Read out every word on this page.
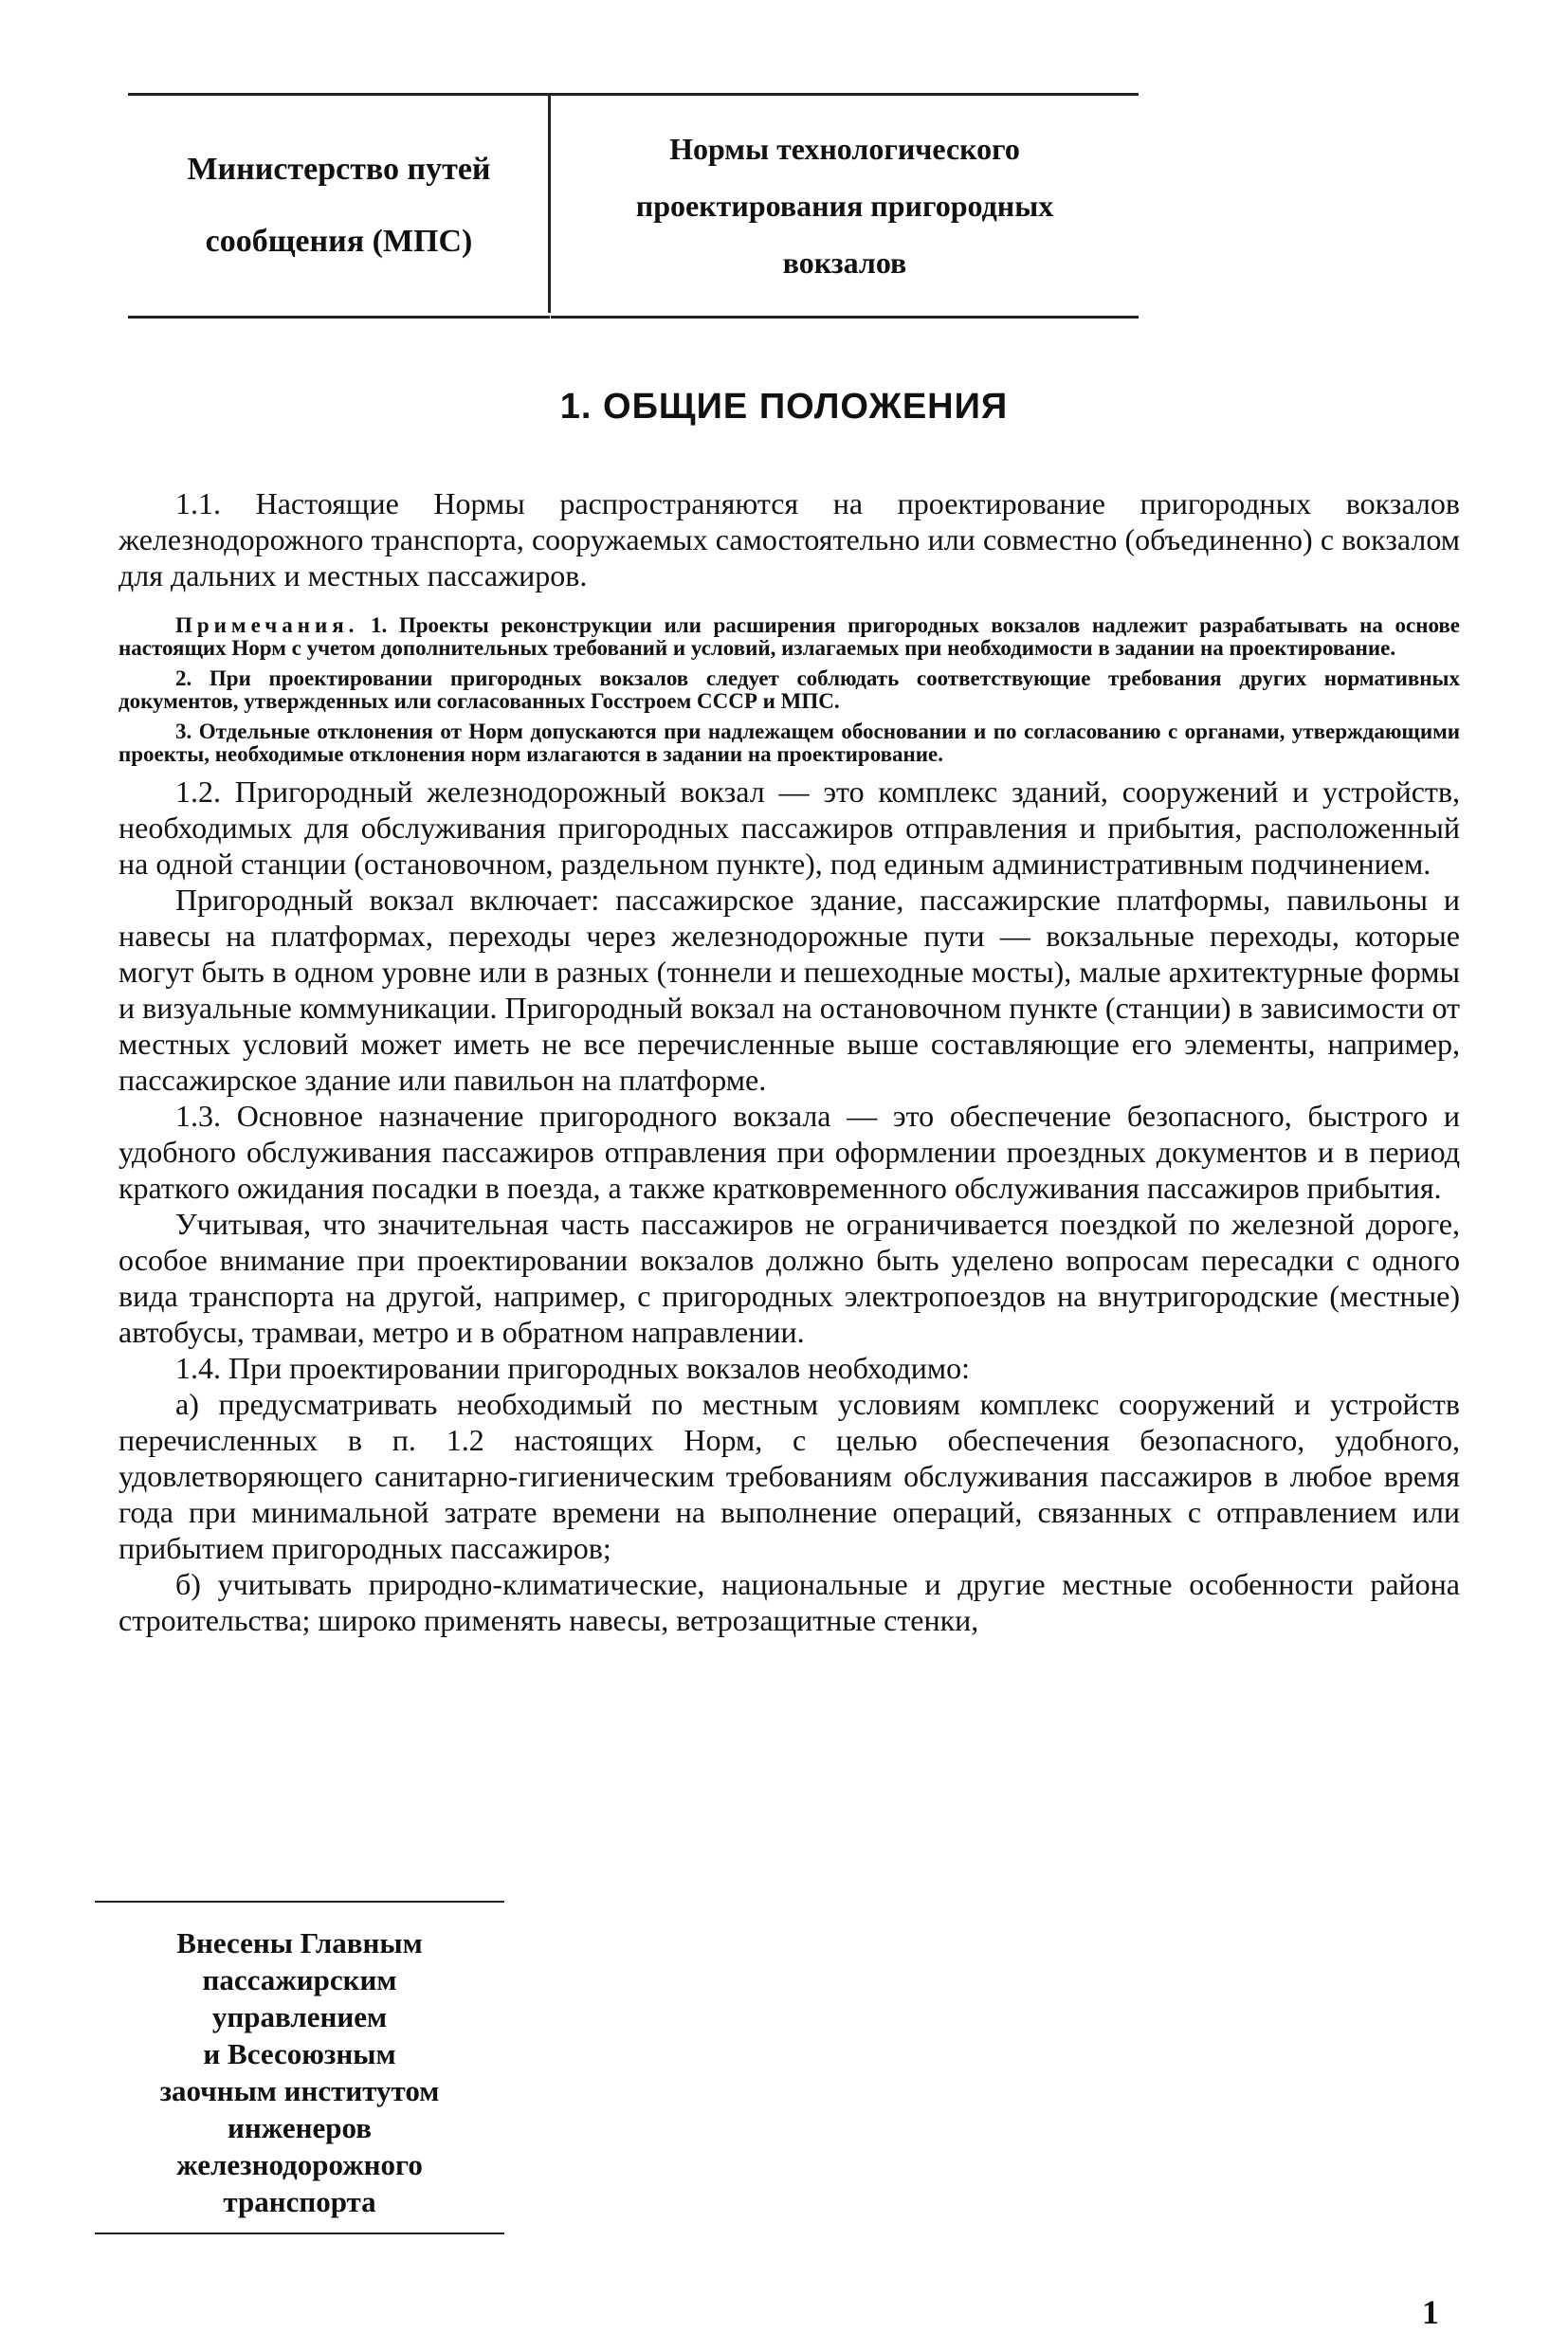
Министерство путей
сообщения (МПС)
Нормы технологического
проектирования пригородных
вокзалов
1. ОБЩИЕ ПОЛОЖЕНИЯ

1.1. Настоящие Нормы распространяются на проектирование пригородных вокзалов железнодорожного транспорта, сооружаемых самостоятельно или совместно (объединенно) с вокзалом для дальних и местных пассажиров.

Примечания. 1. Проекты реконструкции или расширения пригородных вокзалов надлежит разрабатывать на основе настоящих Норм с учетом дополнительных требований и условий, излагаемых при необходимости в задании на проектирование.

2. При проектировании пригородных вокзалов следует соблюдать соответствующие требования других нормативных документов, утвержденных или согласованных Госстроем СССР и МПС.

3. Отдельные отклонения от Норм допускаются при надлежащем обосновании и по согласованию с органами, утверждающими проекты, необходимые отклонения норм излагаются в задании на проектирование.

1.2. Пригородный железнодорожный вокзал — это комплекс зданий, сооружений и устройств, необходимых для обслуживания пригородных пассажиров отправления и прибытия, расположенный на одной станции (остановочном, раздельном пункте), под единым административным подчинением.

Пригородный вокзал включает: пассажирское здание, пассажирские платформы, павильоны и навесы на платформах, переходы через железнодорожные пути — вокзальные переходы, которые могут быть в одном уровне или в разных (тоннели и пешеходные мосты), малые архитектурные формы и визуальные коммуникации. Пригородный вокзал на остановочном пункте (станции) в зависимости от местных условий может иметь не все перечисленные выше составляющие его элементы, например, пассажирское здание или павильон на платформе.

1.3. Основное назначение пригородного вокзала — это обеспечение безопасного, быстрого и удобного обслуживания пассажиров отправления при оформлении проездных документов и в период краткого ожидания посадки в поезда, а также кратковременного обслуживания пассажиров прибытия.

Учитывая, что значительная часть пассажиров не ограничивается поездкой по железной дороге, особое внимание при проектировании вокзалов должно быть уделено вопросам пересадки с одного вида транспорта на другой, например, с пригородных электропоездов на внутригородские (местные) автобусы, трамваи, метро и в обратном направлении.

1.4. При проектировании пригородных вокзалов необходимо:

а) предусматривать необходимый по местным условиям комплекс сооружений и устройств перечисленных в п. 1.2 настоящих Норм, с целью обеспечения безопасного, удобного, удовлетворяющего санитарно-гигиеническим требованиям обслуживания пассажиров в любое время года при минимальной затрате времени на выполнение операций, связанных с отправлением или прибытием пригородных пассажиров;

б) учитывать природно-климатические, национальные и другие местные особенности района строительства; широко применять навесы, ветрозащитные стенки,

Внесены Главным
пассажирским
управлением
и Всесоюзным
заочным институтом
инженеров
железнодорожного
транспорта
1
